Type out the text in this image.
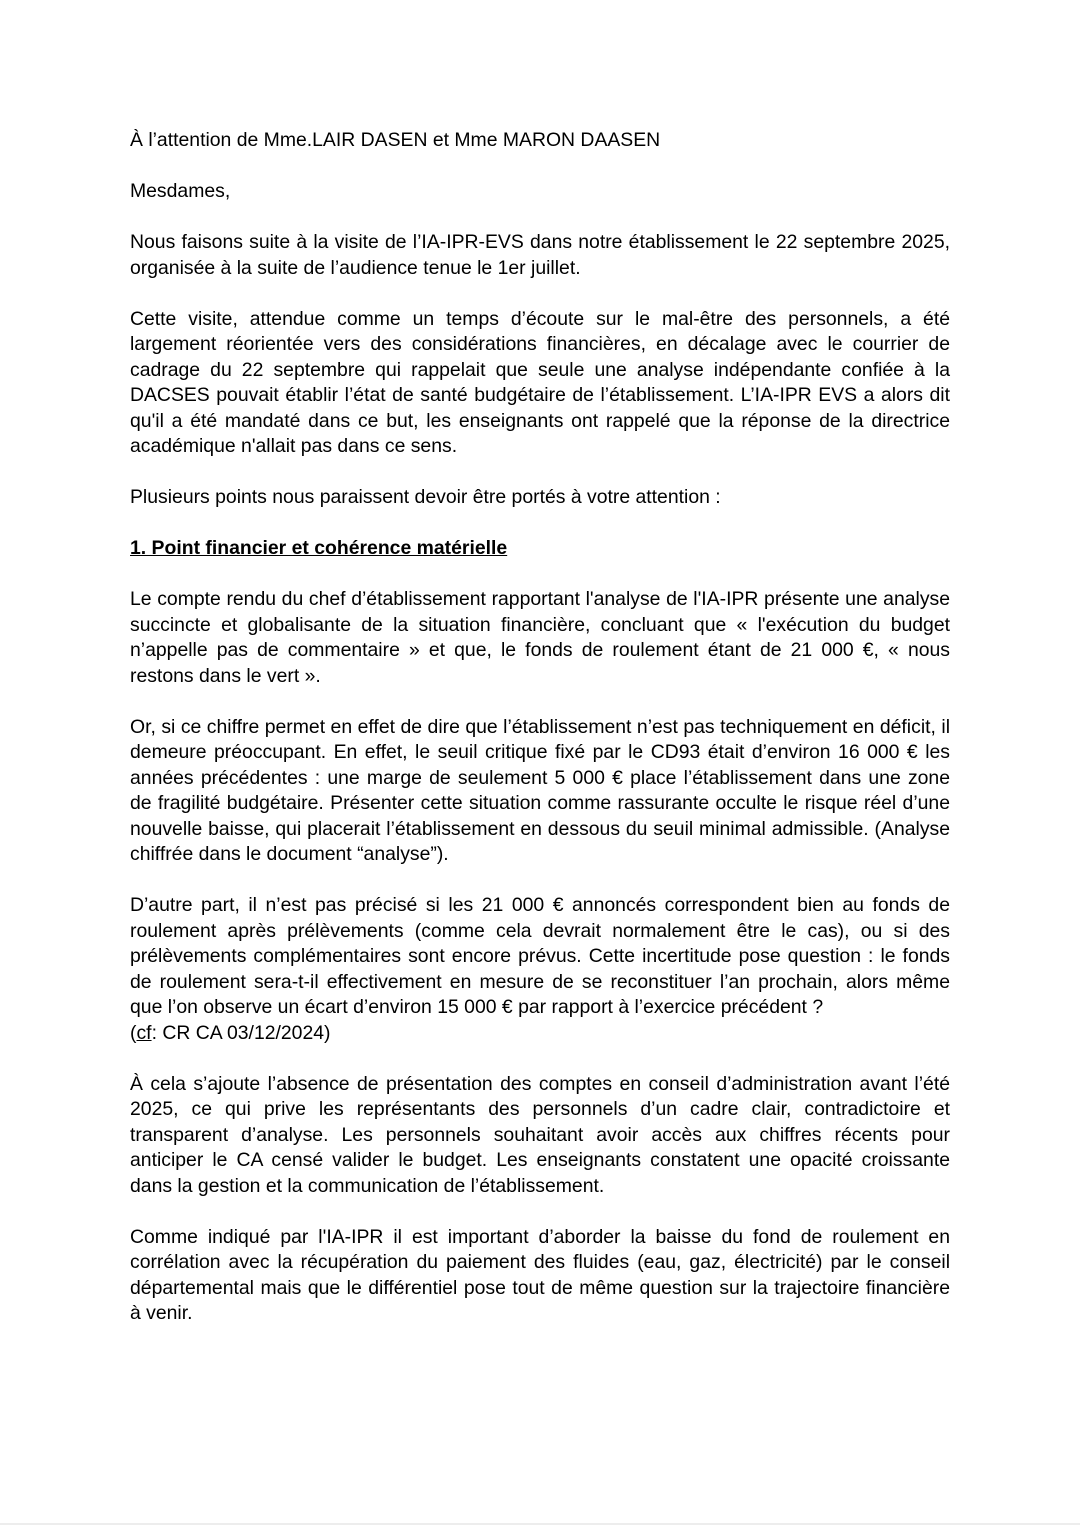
À l’attention de Mme.LAIR DASEN et Mme MARON DAASEN

Mesdames,

Nous faisons suite à la visite de l’IA-IPR-EVS dans notre établissement le 22 septembre 2025, organisée à la suite de l’audience tenue le 1er juillet.

Cette visite, attendue comme un temps d’écoute sur le mal-être des personnels, a été largement réorientée vers des considérations financières, en décalage avec le courrier de cadrage du 22 septembre qui rappelait que seule une analyse indépendante confiée à la DACSES pouvait établir l’état de santé budgétaire de l’établissement. L’IA-IPR EVS a alors dit qu'il a été mandaté dans ce but, les enseignants ont rappelé que la réponse de la directrice académique n'allait pas dans ce sens.

Plusieurs points nous paraissent devoir être portés à votre attention :

1. Point financier et cohérence matérielle

Le compte rendu du chef d’établissement rapportant l'analyse de l'IA-IPR présente une analyse succincte et globalisante de la situation financière, concluant que « l'exécution du budget n’appelle pas de commentaire » et que, le fonds de roulement étant de 21 000 €, « nous restons dans le vert ».

Or, si ce chiffre permet en effet de dire que l’établissement n’est pas techniquement en déficit, il demeure préoccupant. En effet, le seuil critique fixé par le CD93 était d’environ 16 000 € les années précédentes : une marge de seulement 5 000 € place l’établissement dans une zone de fragilité budgétaire. Présenter cette situation comme rassurante occulte le risque réel d’une nouvelle baisse, qui placerait l’établissement en dessous du seuil minimal admissible. (Analyse chiffrée dans le document “analyse”).

D’autre part, il n’est pas précisé si les 21 000 € annoncés correspondent bien au fonds de roulement après prélèvements (comme cela devrait normalement être le cas), ou si des prélèvements complémentaires sont encore prévus. Cette incertitude pose question : le fonds de roulement sera-t-il effectivement en mesure de se reconstituer l’an prochain, alors même que l’on observe un écart d’environ 15 000 € par rapport à l’exercice précédent ?
(cf: CR CA 03/12/2024)

À cela s’ajoute l’absence de présentation des comptes en conseil d’administration avant l’été 2025, ce qui prive les représentants des personnels d’un cadre clair, contradictoire et transparent d’analyse. Les personnels souhaitant avoir accès aux chiffres récents pour anticiper le CA censé valider le budget. Les enseignants constatent une opacité croissante dans la gestion et la communication de l’établissement.

Comme indiqué par l'IA-IPR il est important d’aborder la baisse du fond de roulement en corrélation avec la récupération du paiement des fluides (eau, gaz, électricité) par le conseil départemental mais que le différentiel pose tout de même question sur la trajectoire financière à venir.
